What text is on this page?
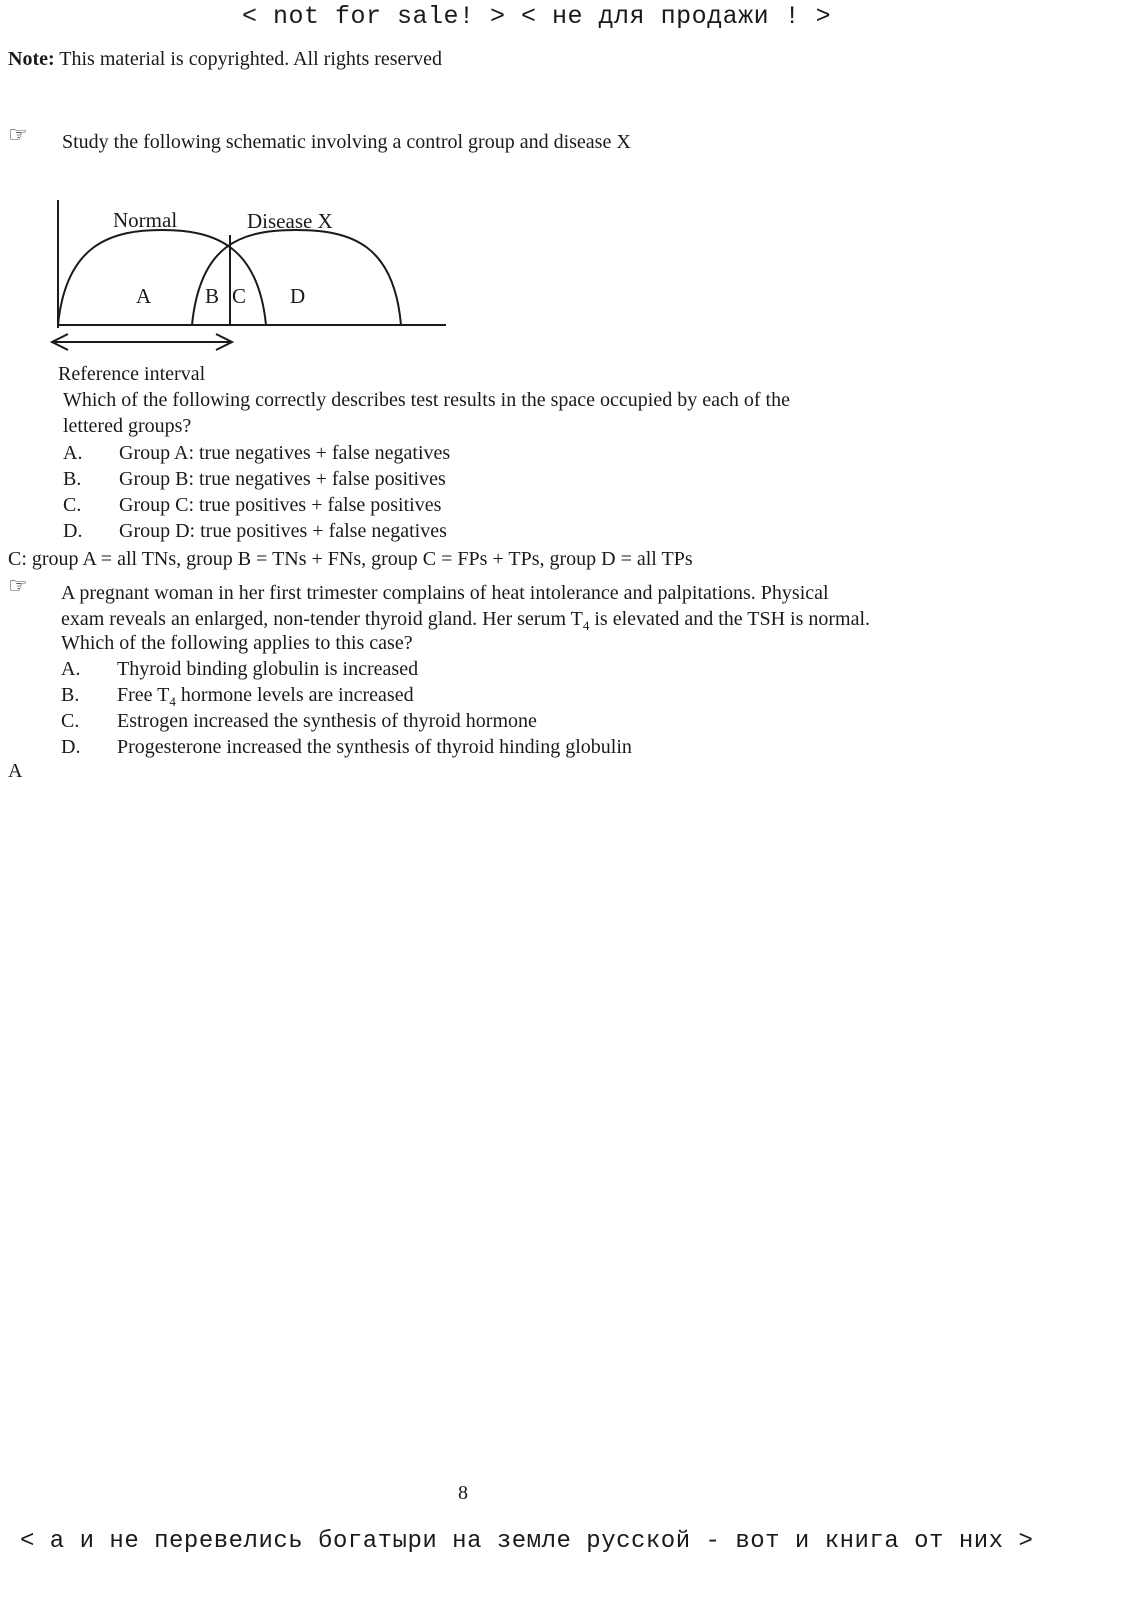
< not for sale! > < не для продажи ! >
Note: This material is copyrighted. All rights reserved
☞ Study the following schematic involving a control group and disease X
Normal	Disease X
A	B C D
Reference interval
Which of the following correctly describes test results in the space occupied by each of the
lettered groups?
A. Group A: true negatives + false negatives
B. Group B: true negatives + false positives
C. Group C: true positives + false positives
D. Group D: true positives + false negatives
C: group A = all TNs, group B = TNs + FNs, group C = FPs + TPs, group D = all TPs
☞ A pregnant woman in her first trimester complains of heat intolerance and palpitations. Physical
exam reveals an enlarged, non-tender thyroid gland. Her serum $T_4$ is elevated and the TSH is normal.
Which of the following applies to this case?
A. Thyroid binding globulin is increased
B. Free $T_4$ hormone levels are increased
C. Estrogen increased the synthesis of thyroid hormone
D. Progesterone increased the synthesis of thyroid hinding globulin
A
8
< а и не перевелись богатыри на земле русской - вот и книга от них >
